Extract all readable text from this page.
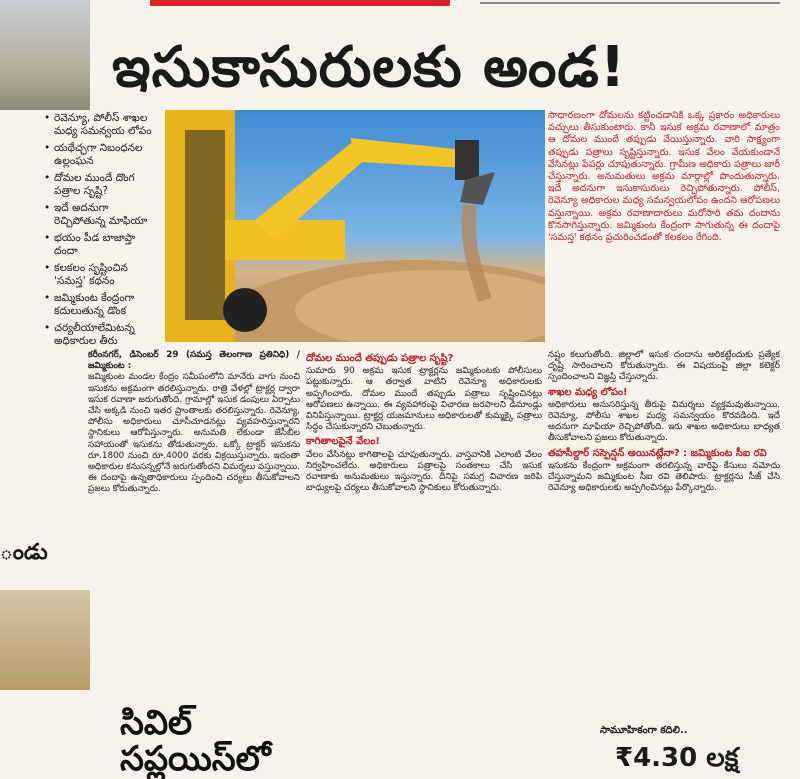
ండు
ఇసుకాసురులకు అండ!
• రెవెన్యూ, పోలీస్ శాఖల మధ్య సమన్వయ లోపం
• యథేచ్ఛగా నిబంధనల ఉల్లంఘన
• దోమల ముందే దొంగ పత్రాల సృష్టి?
• ఇదే అదనుగా రెచ్చిపోతున్న మాఫియా
• భయం పీడ బాజాప్తా దందా
• కలకలం సృష్టించిన 'సమస్త' కథనం
• జమ్మికుంట కేంద్రంగా కదులుతున్న డొంక
• చర్యలీయాలేమిటన్న అధికారుల తీరు
సాధారణంగా దోమలను కట్టించడానికి ఒక్క ప్రకారం అధికారులు వచ్చులు తీసుకుంటారు. కానీ ఇసుక అక్రమ రవాణాలో మాత్రం ఆ దోమల ముందే తప్పుడు వేయిస్తున్నారు. వారి సాక్ష్యంగా తప్పుడు పత్రాలు సృష్టిస్తున్నారు. ఇసుక వేలం వేయకుండానే వేసినట్లు పేపర్లు చూపుతున్నారు. గ్రామీణ అధికారు పత్రాలు జారీ చేస్తున్నారు. అనుమతులు అక్రమ మార్గాల్లో పొందుతున్నారు. ఇదే అదనుగా ఇసుకాసురులు రెచ్చిపోతున్నారు. పోలీస్, రెవెన్యూ అధికారుల మధ్య సమన్వయలోపం ఉందని ఆరోపణలు వస్తున్నాయి. అక్రమ రవాణాదారులు మరోసారి తమ దందాను కొనసాగిస్తున్నారు. జమ్మికుంట కేంద్రంగా సాగుతున్న ఈ దందాపై 'సమస్త' కథనం ప్రచురించడంతో కలకలం రేగింది.
కరీంనగర్, డిసెంబర్ 29 (సమస్త తెలంగాణ ప్రతినిధి) / జమ్మికుంట :
జమ్మికుంట మండల కేంద్రం సమీపంలోని మానేరు వాగు నుంచి ఇసుకను అక్రమంగా తరలిస్తున్నారు. రాత్రి వేళల్లో ట్రాక్టర్ల ద్వారా ఇసుక రవాణా జరుగుతోంది. గ్రామాల్లో ఇసుక డంపులు ఏర్పాటు చేసి అక్కడి నుంచి ఇతర ప్రాంతాలకు తరలిస్తున్నారు. రెవెన్యూ, పోలీసు అధికారులు చూసీచూడనట్లు వ్యవహరిస్తున్నారని స్థానికులు ఆరోపిస్తున్నారు. అనుమతి లేకుండా జేసీబీల సహాయంతో ఇసుకను తోడుతున్నారు. ఒక్కో ట్రాక్టర్ ఇసుకను రూ.1800 నుంచి రూ.4000 వరకు విక్రయిస్తున్నారు. ఇదంతా అధికారుల కనుసన్నల్లోనే జరుగుతోందని విమర్శలు వస్తున్నాయి. ఈ దందాపై ఉన్నతాధికారులు స్పందించి చర్యలు తీసుకోవాలని ప్రజలు కోరుతున్నారు.
దోమల ముందే తప్పుడు పత్రాల సృష్టి?
సుమారు 90 అక్రమ ఇసుక ట్రాక్టర్లను జమ్మికుంటకు పోలీసులు పట్టుకున్నారు. ఆ తర్వాత వాటిని రెవెన్యూ అధికారులకు అప్పగించారు. దోమల ముందే తప్పుడు పత్రాలు సృష్టించినట్లు ఆరోపణలు ఉన్నాయి. ఈ వ్యవహారంపై విచారణ జరపాలని డిమాండ్లు వినిపిస్తున్నాయి. ట్రాక్టర్ల యజమానులు అధికారులతో కుమ్మక్కై పత్రాలు సిద్ధం చేసుకున్నారని చెబుతున్నారు.
కాగితాలపైనే వేలం!
వేలం వేసినట్లు కాగితాలపై చూపుతున్నారు. వాస్తవానికి ఎలాంటి వేలం నిర్వహించలేదు. అధికారులు పత్రాలపై సంతకాలు చేసి ఇసుక రవాణాకు అనుమతులు ఇస్తున్నారు. దీనిపై సమగ్ర విచారణ జరిపి బాధ్యులపై చర్యలు తీసుకోవాలని స్థానికులు కోరుతున్నారు.
నష్టం కలుగుతోంది. జిల్లాలో ఇసుక దందాను అరికట్టేందుకు ప్రత్యేక దృష్టి సారించాలని కోరుతున్నారు. ఈ విషయంపై జిల్లా కలెక్టర్ స్పందించాలని విజ్ఞప్తి చేస్తున్నారు.
శాఖల మధ్య లోపం!
అధికారులు అనుసరిస్తున్న తీరుపై విమర్శలు వ్యక్తమవుతున్నాయి. రెవెన్యూ, పోలీసు శాఖల మధ్య సమన్వయం కొరవడింది. ఇదే అదనుగా మాఫియా రెచ్చిపోతోంది. ఇరు శాఖల అధికారులు బాధ్యత తీసుకోవాలని ప్రజలు కోరుతున్నారు.
తహసీల్దార్ సస్పెన్షన్ అయినట్లేనా? : జమ్మికుంట సీఐ రవి
ఇసుకను కేంద్రంగా అక్రమంగా తరలిస్తున్న వారిపై కేసులు నమోదు చేస్తున్నామని జమ్మికుంట సీఐ రవి తెలిపారు. ట్రాక్టర్లను సీజ్ చేసి రెవెన్యూ అధికారులకు అప్పగించినట్లు పేర్కొన్నారు.
సివిల్ సప్లయిస్‌లో
సామూహికంగా కదిలి..
₹4.30 లక్ష
